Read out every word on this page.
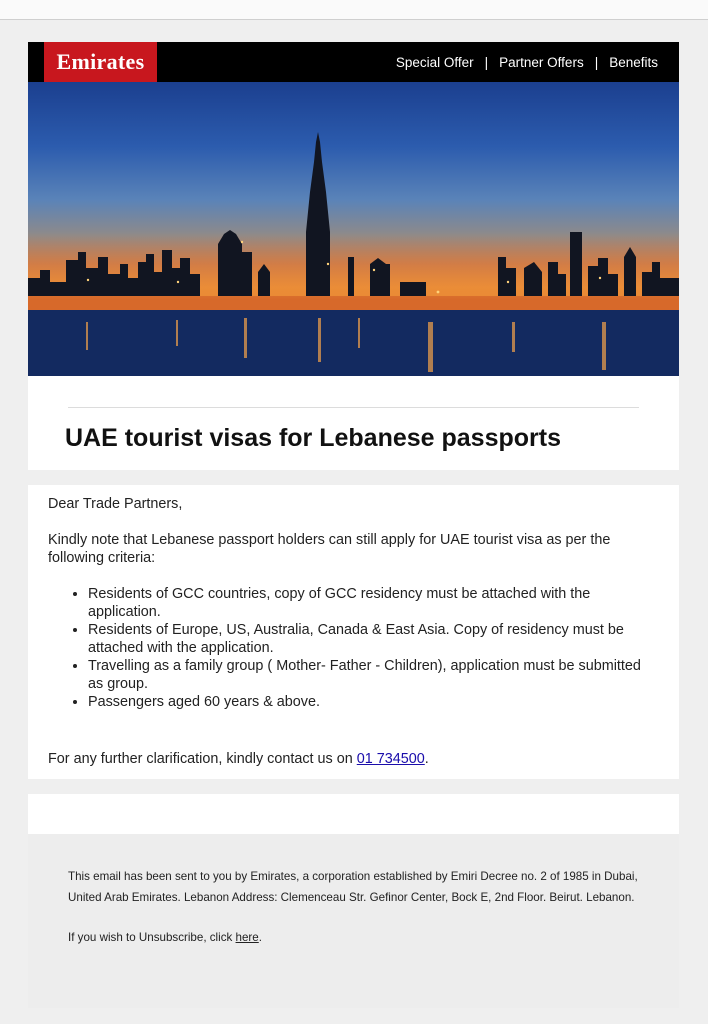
Emirates	Special Offer | Partner Offers | Benefits
UAE tourist visas for Lebanese passports

Dear Trade Partners,

Kindly note that Lebanese passport holders can still apply for UAE tourist visa as per the following criteria:

• Residents of GCC countries, copy of GCC residency must be attached with the application.
• Residents of Europe, US, Australia, Canada & East Asia. Copy of residency must be attached with the application.
• Travelling as a family group ( Mother- Father - Children), application must be submitted as group.
• Passengers aged 60 years & above.

For any further clarification, kindly contact us on 01 734500.

This email has been sent to you by Emirates, a corporation established by Emiri Decree no. 2 of 1985 in Dubai, United Arab Emirates. Lebanon Address: Clemenceau Str. Gefinor Center, Bock E, 2nd Floor. Beirut. Lebanon.

If you wish to Unsubscribe, click here.
